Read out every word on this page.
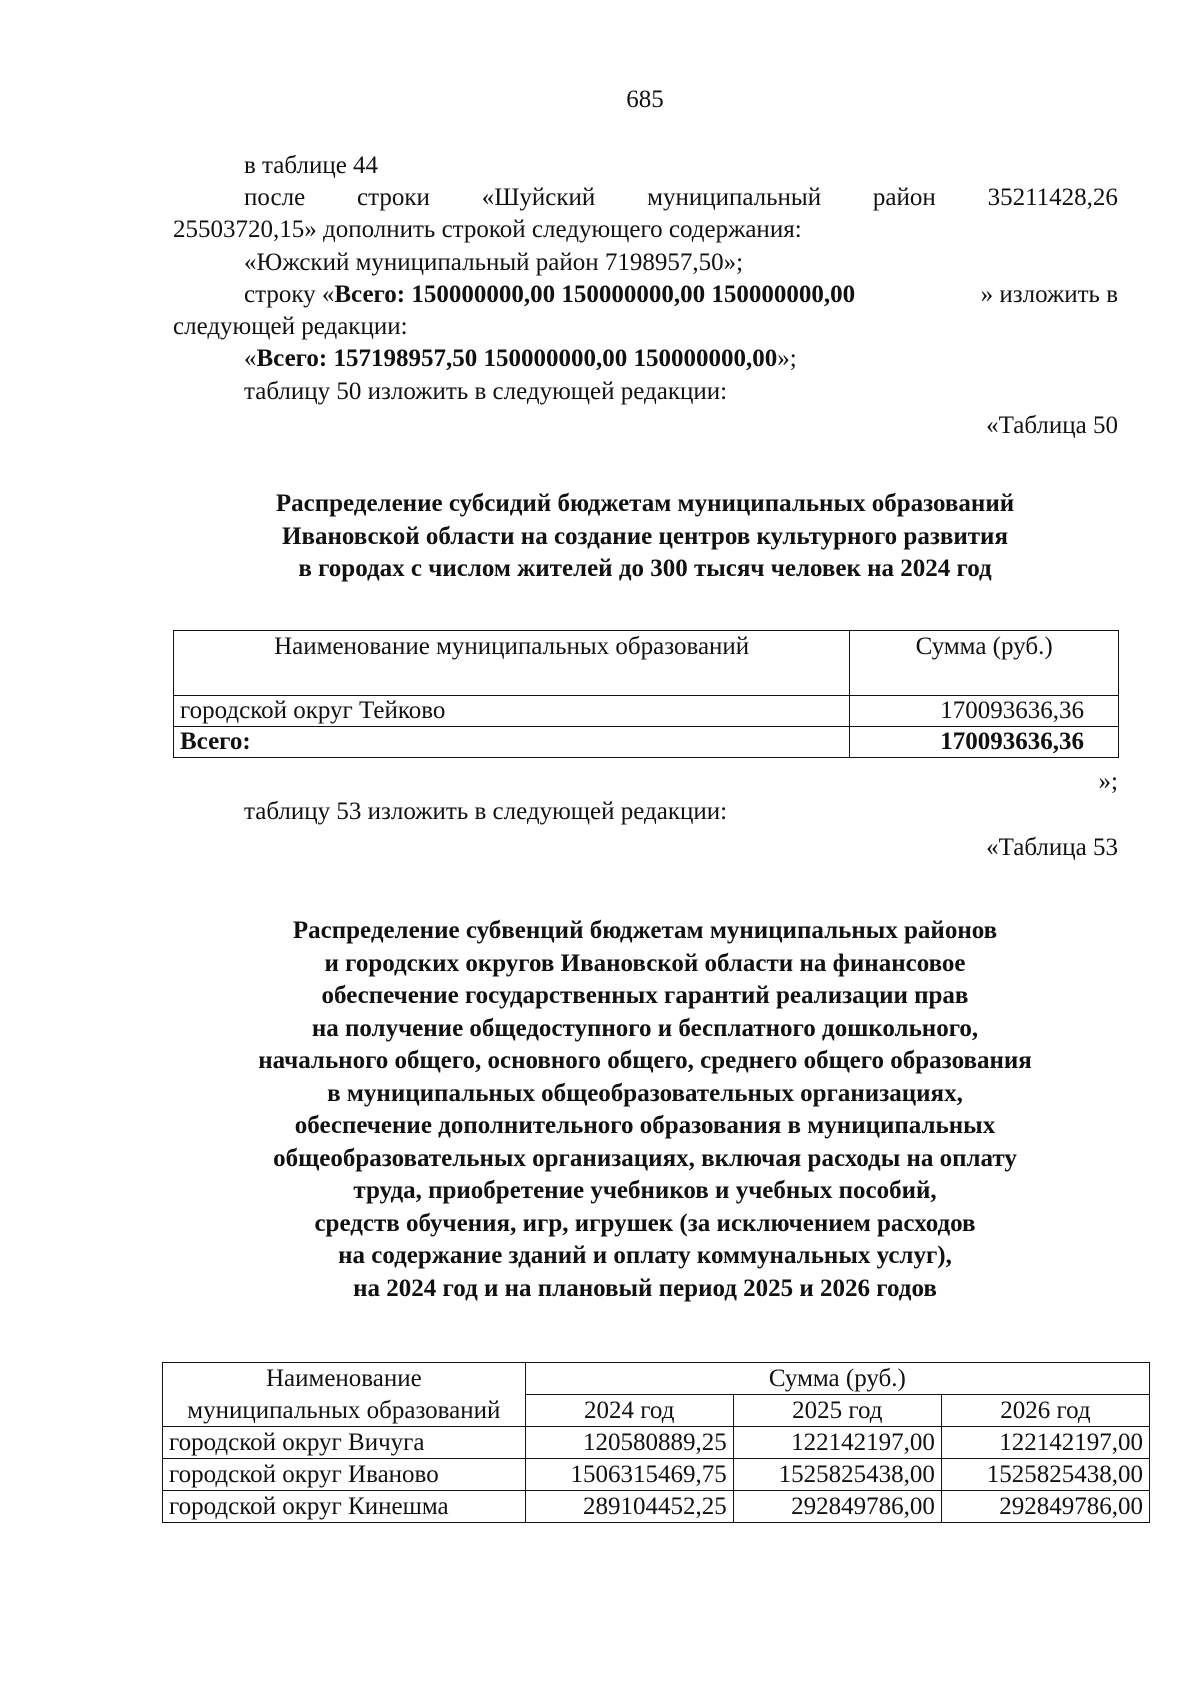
685
в таблице 44
после строки «Шуйский муниципальный район 35211428,26
25503720,15» дополнить строкой следующего содержания:
«Южский муниципальный район 7198957,50»;
строку «Всего: 150000000,00 150000000,00 150000000,00	» изложить в
следующей редакции:
«Всего: 157198957,50 150000000,00 150000000,00»;
таблицу 50 изложить в следующей редакции:
«Таблица 50
Распределение субсидий бюджетам муниципальных образований
Ивановской области на создание центров культурного развития
в городах с числом жителей до 300 тысяч человек на 2024 год
Наименование муниципальных образований	Сумма (руб.)
городской округ Тейково	170093636,36
Всего:	170093636,36
»;
таблицу 53 изложить в следующей редакции:
«Таблица 53
Распределение субвенций бюджетам муниципальных районов
и городских округов Ивановской области на финансовое
обеспечение государственных гарантий реализации прав
на получение общедоступного и бесплатного дошкольного,
начального общего, основного общего, среднего общего образования
в муниципальных общеобразовательных организациях,
обеспечение дополнительного образования в муниципальных
общеобразовательных организациях, включая расходы на оплату
труда, приобретение учебников и учебных пособий,
средств обучения, игр, игрушек (за исключением расходов
на содержание зданий и оплату коммунальных услуг),
на 2024 год и на плановый период 2025 и 2026 годов
Наименование	Сумма (руб.)		
муниципальных образований	2024 год	2025 год	2026 год
городской округ Вичуга	120580889,25	122142197,00	122142197,00
городской округ Иваново	1506315469,75	1525825438,00	1525825438,00
городской округ Кинешма	289104452,25	292849786,00	292849786,00
